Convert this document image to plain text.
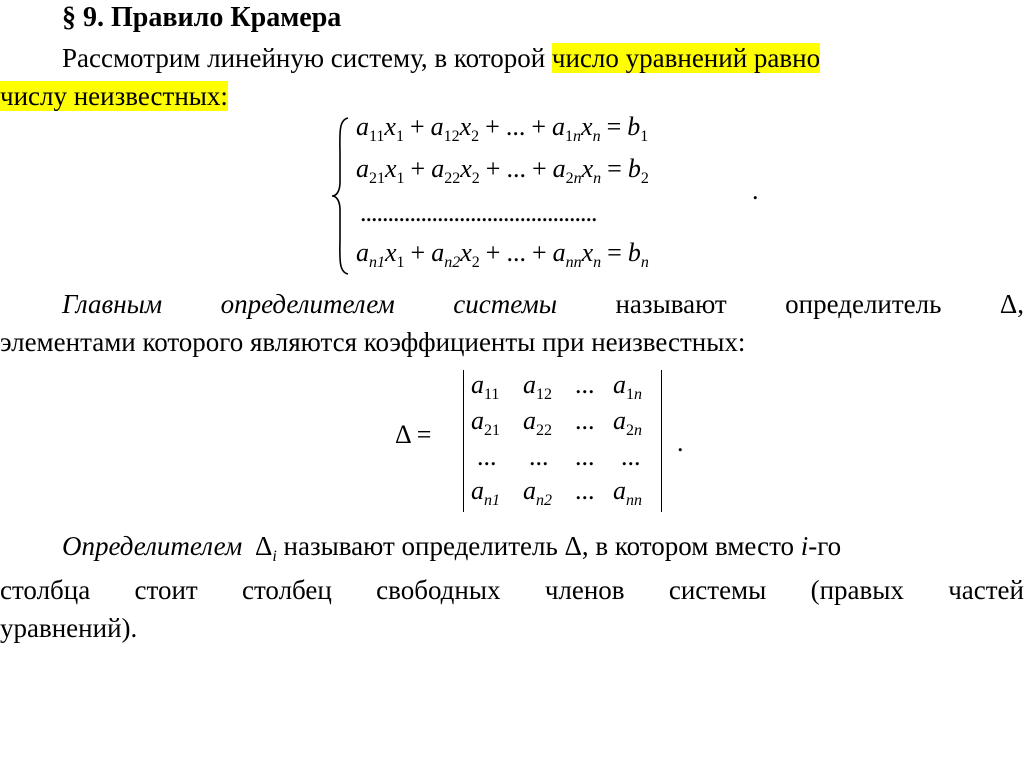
§ 9. Правило Крамера
Рассмотрим линейную систему, в которой число уравнений равно
числу неизвестных:
$a_{11}x_1 + a_{12}x_2$ + ... + $a_{1n}x_n = b_1$
$a_{21}x_1 + a_{22}x_2$ + ... + $a_{2n}x_n = b_2$	.
...........................................
$a_{n1}x_1 + a_{n2}x_2$ + ... + $a_{nn}x_n = b_n$
Главным определителем системы называют определитель Δ,
элементами которого являются коэффициенты при неизвестных:
Δ =
$a_{11}$ $a_{12}$ ... $a_{1n}$
$a_{21}$ $a_{22}$ ... $a_{2n}$
... ... ... ...
$a_{n1}$ $a_{n2}$ ... $a_{nn}$
.
Определителем $\Delta_i$ называют определитель Δ, в котором вместо i-го
столбца стоит столбец свободных членов системы (правых частей
уравнений).
